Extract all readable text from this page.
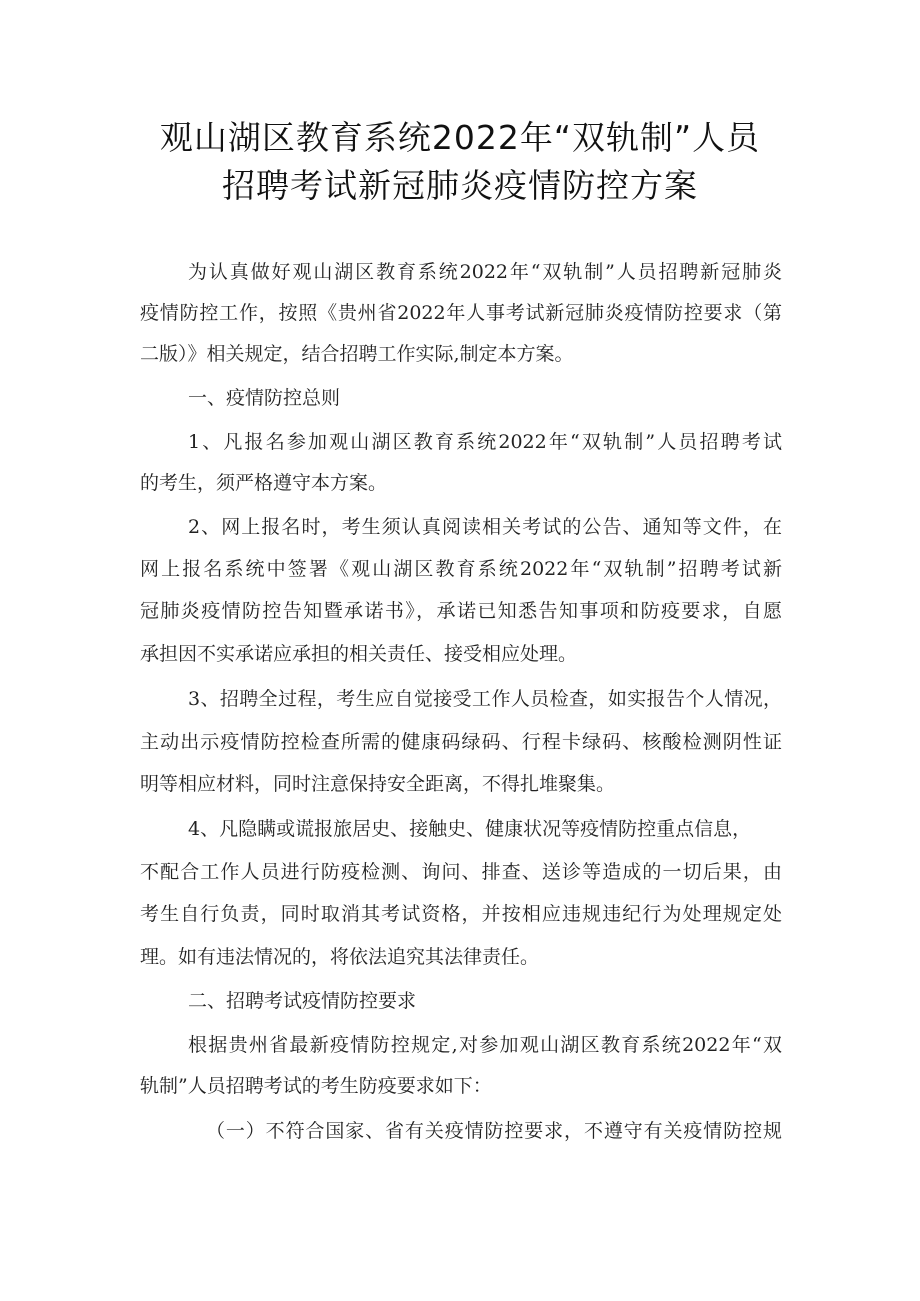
观山湖区教育系统2022年“双轨制”人员
招聘考试新冠肺炎疫情防控方案

为认真做好观山湖区教育系统2022年“双轨制”人员招聘新冠肺炎

疫情防控工作，按照《贵州省2022年人事考试新冠肺炎疫情防控要求（第

二版）》相关规定，结合招聘工作实际,制定本方案。

一、疫情防控总则

1、凡报名参加观山湖区教育系统2022年“双轨制”人员招聘考试

的考生，须严格遵守本方案。

2、网上报名时，考生须认真阅读相关考试的公告、通知等文件，在

网上报名系统中签署《观山湖区教育系统2022年“双轨制”招聘考试新

冠肺炎疫情防控告知暨承诺书》，承诺已知悉告知事项和防疫要求，自愿

承担因不实承诺应承担的相关责任、接受相应处理。

3、招聘全过程，考生应自觉接受工作人员检查，如实报告个人情况，

主动出示疫情防控检查所需的健康码绿码、行程卡绿码、核酸检测阴性证

明等相应材料，同时注意保持安全距离，不得扎堆聚集。

4、凡隐瞒或谎报旅居史、接触史、健康状况等疫情防控重点信息，

不配合工作人员进行防疫检测、询问、排查、送诊等造成的一切后果，由

考生自行负责，同时取消其考试资格，并按相应违规违纪行为处理规定处

理。如有违法情况的，将依法追究其法律责任。

二、招聘考试疫情防控要求

根据贵州省最新疫情防控规定,对参加观山湖区教育系统2022年“双

轨制”人员招聘考试的考生防疫要求如下：

（一）不符合国家、省有关疫情防控要求，不遵守有关疫情防控规
